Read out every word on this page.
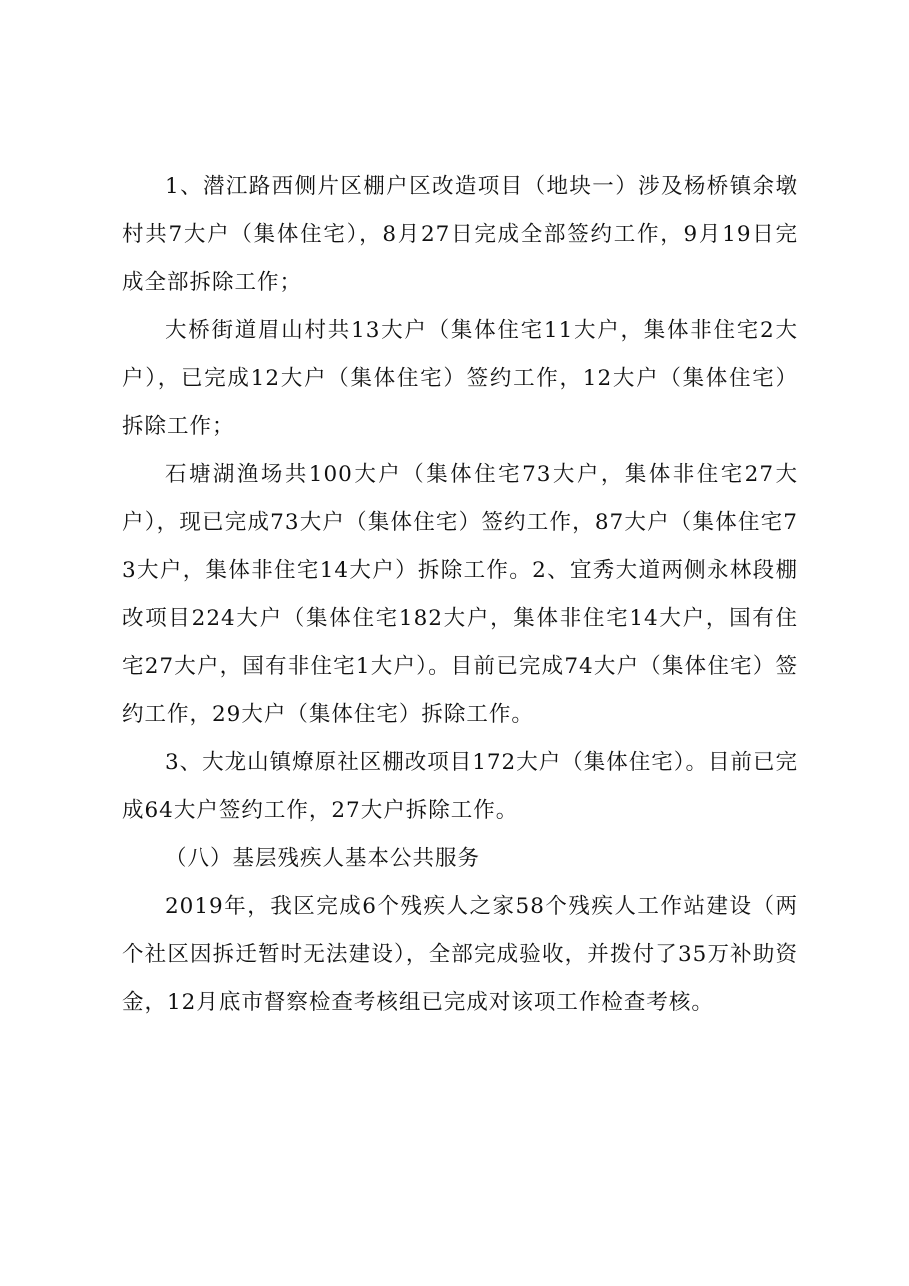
1、潜江路西侧片区棚户区改造项目（地块一）涉及杨桥镇余墩村共7大户（集体住宅），8月27日完成全部签约工作，9月19日完成全部拆除工作；

大桥街道眉山村共13大户（集体住宅11大户，集体非住宅2大户），已完成12大户（集体住宅）签约工作，12大户（集体住宅）拆除工作；

石塘湖渔场共100大户（集体住宅73大户，集体非住宅27大户），现已完成73大户（集体住宅）签约工作，87大户（集体住宅73大户，集体非住宅14大户）拆除工作。2、宜秀大道两侧永林段棚改项目224大户（集体住宅182大户，集体非住宅14大户，国有住宅27大户，国有非住宅1大户）。目前已完成74大户（集体住宅）签约工作，29大户（集体住宅）拆除工作。

3、大龙山镇燎原社区棚改项目172大户（集体住宅）。目前已完成64大户签约工作，27大户拆除工作。

（八）基层残疾人基本公共服务

2019年，我区完成6个残疾人之家58个残疾人工作站建设（两个社区因拆迁暂时无法建设），全部完成验收，并拨付了35万补助资金，12月底市督察检查考核组已完成对该项工作检查考核。
